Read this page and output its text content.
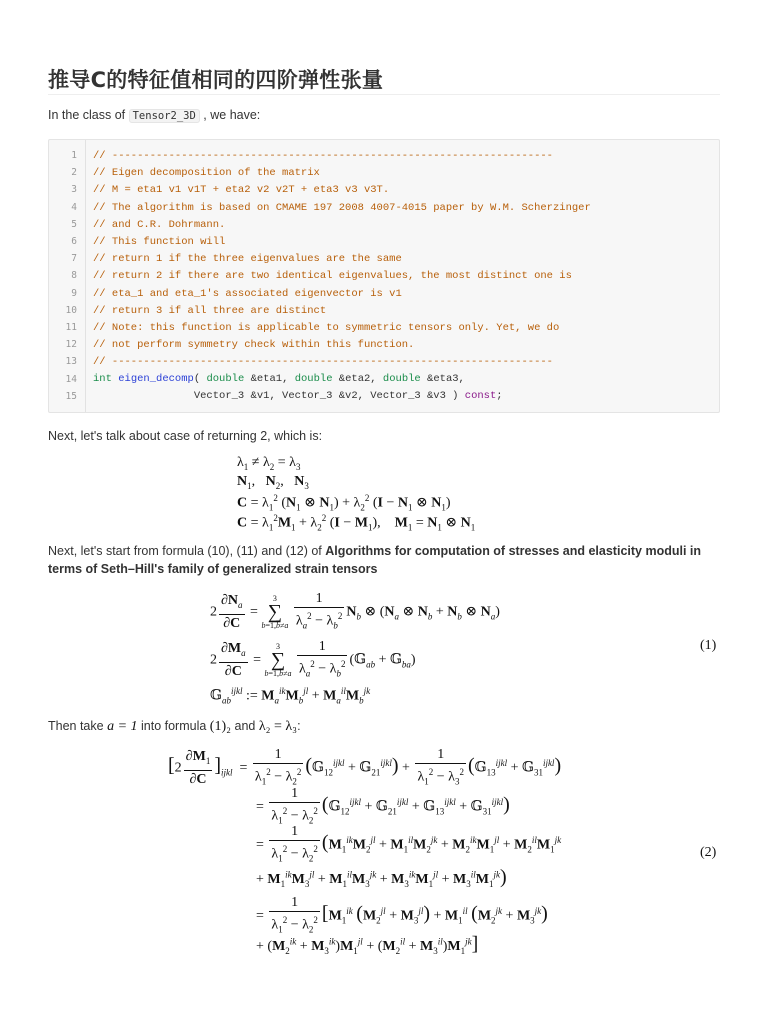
推导C的特征值相同的四阶弹性张量
In the class of Tensor2_3D , we have:
1
2
3
4
5
6
7
8
9
10
11
12
13
14
15
// ----------------------------------------------------------------------
// Eigen decomposition of the matrix
// M = eta1 v1 v1T + eta2 v2 v2T + eta3 v3 v3T.
// The algorithm is based on CMAME 197 2008 4007-4015 paper by W.M. Scherzinger
// and C.R. Dohrmann.
// This function will
// return 1 if the three eigenvalues are the same
// return 2 if there are two identical eigenvalues, the most distinct one is
// eta_1 and eta_1's associated eigenvector is v1
// return 3 if all three are distinct
// Note: this function is applicable to symmetric tensors only. Yet, we do
// not perform symmetry check within this function.
// ----------------------------------------------------------------------
int eigen_decomp( double &eta1, double &eta2, double &eta3,
Vector_3 &v1, Vector_3 &v2, Vector_3 &v3 ) const;
Next, let's talk about case of returning 2, which is:
$\lambda_1 \ne \lambda_2 = \lambda_3$
$N_1$,   $N_2$,   $N_3$
$C = \lambda_1^2$ ($N_1$ ⊗ $N_1) + \lambda_2^2$ ($I - N_1$ ⊗ $N_1$)
$C = \lambda_1^2M_1 + \lambda_2^2$ $(I - M_1)$,    $M_1 = N_1$ ⊗ $N_1$
Next, let's start from formula (10), (11) and (12) of Algorithms for computation of stresses and elasticity moduli in terms of Seth–Hill's family of generalized strain tensors
$2 \frac{\partial N_a}{\partial C}$ =
3
∑
b=1,b≠a
$\frac{1}{\lambda_a^2 - \lambda_b^2} N_b$ ⊗ ($N_a$ ⊗ $N_b + N_b$ ⊗ $N_a$)
$2 \frac{\partial M_a}{\partial C}$ =
3
∑
b=1,b≠a
$\frac{1}{\lambda_a^2 - \lambda_b^2}$ (𝔾$_{ab}$ + 𝔾$_{ba}$)
𝔾$_{ab}^{ijkl}$ := $M_a^{ik}M_b^{jl} + M_a^{il}M_b^{jk}$
(1)
Then take a = 1 into formula (1)₂ and λ₂ = λ₃:
$[2 \frac{\partial M_1}{\partial C} ]_{ijkl} = \frac{1}{\lambda_1^2 - \lambda_2^2}$ (𝔾$_{12}^{ijkl}$ + 𝔾$_{21}^{ijkl}$) + $\frac{1}{\lambda_1^2 - \lambda_3^2}$ (𝔾$_{13}^{ijkl}$ + 𝔾$_{31}^{ijkl}$)
= $\frac{1}{\lambda_1^2 - \lambda_2^2}$ (𝔾$_{12}^{ijkl}$ + 𝔾$_{21}^{ijkl}$ + 𝔾$_{13}^{ijkl}$ + 𝔾$_{31}^{ijkl}$)
= $\frac{1}{\lambda_1^2 - \lambda_2^2} (M_1^{ik}M_2^{jl} + M_1^{il}M_2^{jk} + M_2^{ik}M_1^{jl} + M_2^{il}M_1^{jk}$
+ $M_1^{ik}M_3^{jl} + M_1^{il}M_3^{jk} + M_3^{ik}M_1^{jl} + M_3^{il}M_1^{jk}$)
= $\frac{1}{\lambda_1^2 - \lambda_2^2} [M_1^{ik}$ $(M_2^{jl} + M_3^{jl}) + M_1^{il}$ $(M_2^{jk} + M_3^{jk})$
+ $(M_2^{ik} + M_3^{ik})M_1^{jl} + (M_2^{il} + M_3^{il})M_1^{jk}$]
(2)
